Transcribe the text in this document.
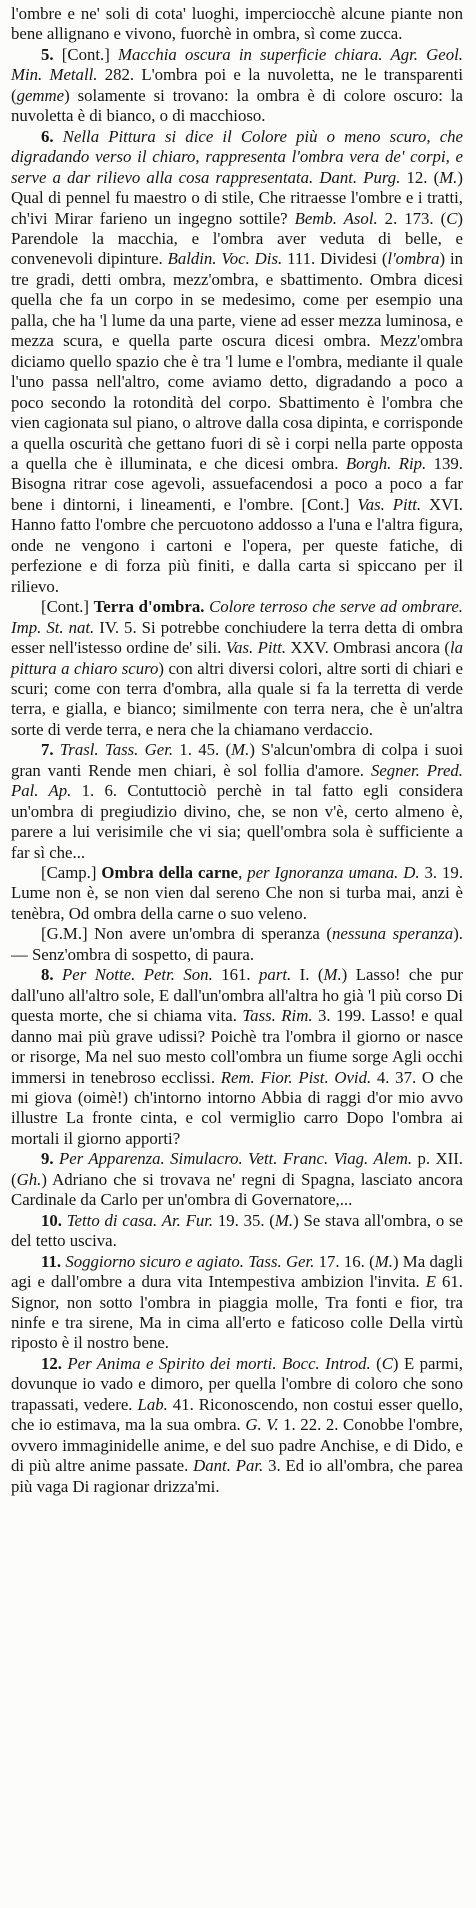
l'ombre e ne' soli di cota' luoghi, imperciocchè alcune piante non bene allignano e vivono, fuorchè in ombra, sì come zucca.

5. [Cont.] Macchia oscura in superficie chiara. Agr. Geol. Min. Metall. 282. L'ombra poi e la nuvoletta, ne le transparenti (gemme) solamente si trovano: la ombra è di colore oscuro: la nuvoletta è di bianco, o di macchioso.

6. Nella Pittura si dice il Colore più o meno scuro, che digradando verso il chiaro, rappresenta l'ombra vera de' corpi, e serve a dar rilievo alla cosa rappresentata. Dant. Purg. 12. (M.) Qual di pennel fu maestro o di stile, Che ritraesse l'ombre e i tratti, ch'ivi Mirar farieno un ingegno sottile? Bemb. Asol. 2. 173. (C) Parendole la macchia, e l'ombra aver veduta di belle, e convenevoli dipinture. Baldin. Voc. Dis. 111. Dividesi (l'ombra) in tre gradi, detti ombra, mezz'ombra, e sbattimento. Ombra dicesi quella che fa un corpo in se medesimo, come per esempio una palla, che ha 'l lume da una parte, viene ad esser mezza luminosa, e mezza scura, e quella parte oscura dicesi ombra. Mezz'ombra diciamo quello spazio che è tra 'l lume e l'ombra, mediante il quale l'uno passa nell'altro, come aviamo detto, digradando a poco a poco secondo la rotondità del corpo. Sbattimento è l'ombra che vien cagionata sul piano, o altrove dalla cosa dipinta, e corrisponde a quella oscurità che gettano fuori di sè i corpi nella parte opposta a quella che è illuminata, e che dicesi ombra. Borgh. Rip. 139. Bisogna ritrar cose agevoli, assuefacendosi a poco a poco a far bene i dintorni, i lineamenti, e l'ombre. [Cont.] Vas. Pitt. XVI. Hanno fatto l'ombre che percuotono addosso a l'una e l'altra figura, onde ne vengono i cartoni e l'opera, per queste fatiche, di perfezione e di forza più finiti, e dalla carta si spiccano per il rilievo.

[Cont.] Terra d'ombra. Colore terroso che serve ad ombrare. Imp. St. nat. IV. 5. Si potrebbe conchiudere la terra detta di ombra esser nell'istesso ordine de' sili. Vas. Pitt. XXV. Ombrasi ancora (la pittura a chiaro scuro) con altri diversi colori, altre sorti di chiari e scuri; come con terra d'ombra, alla quale si fa la terretta di verde terra, e gialla, e bianco; similmente con terra nera, che è un'altra sorte di verde terra, e nera che la chiamano verdaccio.

7. Trasl. Tass. Ger. 1. 45. (M.) S'alcun'ombra di colpa i suoi gran vanti Rende men chiari, è sol follia d'amore. Segner. Pred. Pal. Ap. 1. 6. Contuttociò perchè in tal fatto egli considera un'ombra di pregiudizio divino, che, se non v'è, certo almeno è, parere a lui verisimile che vi sia; quell'ombra sola è sufficiente a far sì che...

[Camp.] Ombra della carne, per Ignoranza umana. D. 3. 19. Lume non è, se non vien dal sereno Che non si turba mai, anzi è tenèbra, Od ombra della carne o suo veleno.

[G.M.] Non avere un'ombra di speranza (nessuna speranza). — Senz'ombra di sospetto, di paura.

8. Per Notte. Petr. Son. 161. part. I. (M.) Lasso! che pur dall'uno all'altro sole, E dall'un'ombra all'altra ho già 'l più corso Di questa morte, che si chiama vita. Tass. Rim. 3. 199. Lasso! e qual danno mai più grave udissi? Poichè tra l'ombra il giorno or nasce or risorge, Ma nel suo mesto coll'ombra un fiume sorge Agli occhi immersi in tenebroso ecclissi. Rem. Fior. Pist. Ovid. 4. 37. O che mi giova (oimè!) ch'intorno intorno Abbia di raggi d'or mio avvo illustre La fronte cinta, e col vermiglio carro Dopo l'ombra ai mortali il giorno apporti?

9. Per Apparenza. Simulacro. Vett. Franc. Viag. Alem. p. XII. (Gh.) Adriano che si trovava ne' regni di Spagna, lasciato ancora Cardinale da Carlo per un'ombra di Governatore,...

10. Tetto di casa. Ar. Fur. 19. 35. (M.) Se stava all'ombra, o se del tetto usciva.

11. Soggiorno sicuro e agiato. Tass. Ger. 17. 16. (M.) Ma dagli agi e dall'ombre a dura vita Intempestiva ambizion l'invita. E 61. Signor, non sotto l'ombra in piaggia molle, Tra fonti e fior, tra ninfe e tra sirene, Ma in cima all'erto e faticoso colle Della virtù riposto è il nostro bene.

12. Per Anima e Spirito dei morti. Bocc. Introd. (C) E parmi, dovunque io vado e dimoro, per quella l'ombre di coloro che sono trapassati, vedere. Lab. 41. Riconoscendo, non costui esser quello, che io estimava, ma la sua ombra. G. V. 1. 22. 2. Conobbe l'ombre, ovvero immaginidelle anime, e del suo padre Anchise, e di Dido, e di più altre anime passate. Dant. Par. 3. Ed io all'ombra, che parea più vaga Di ragionar drizza'mi.
